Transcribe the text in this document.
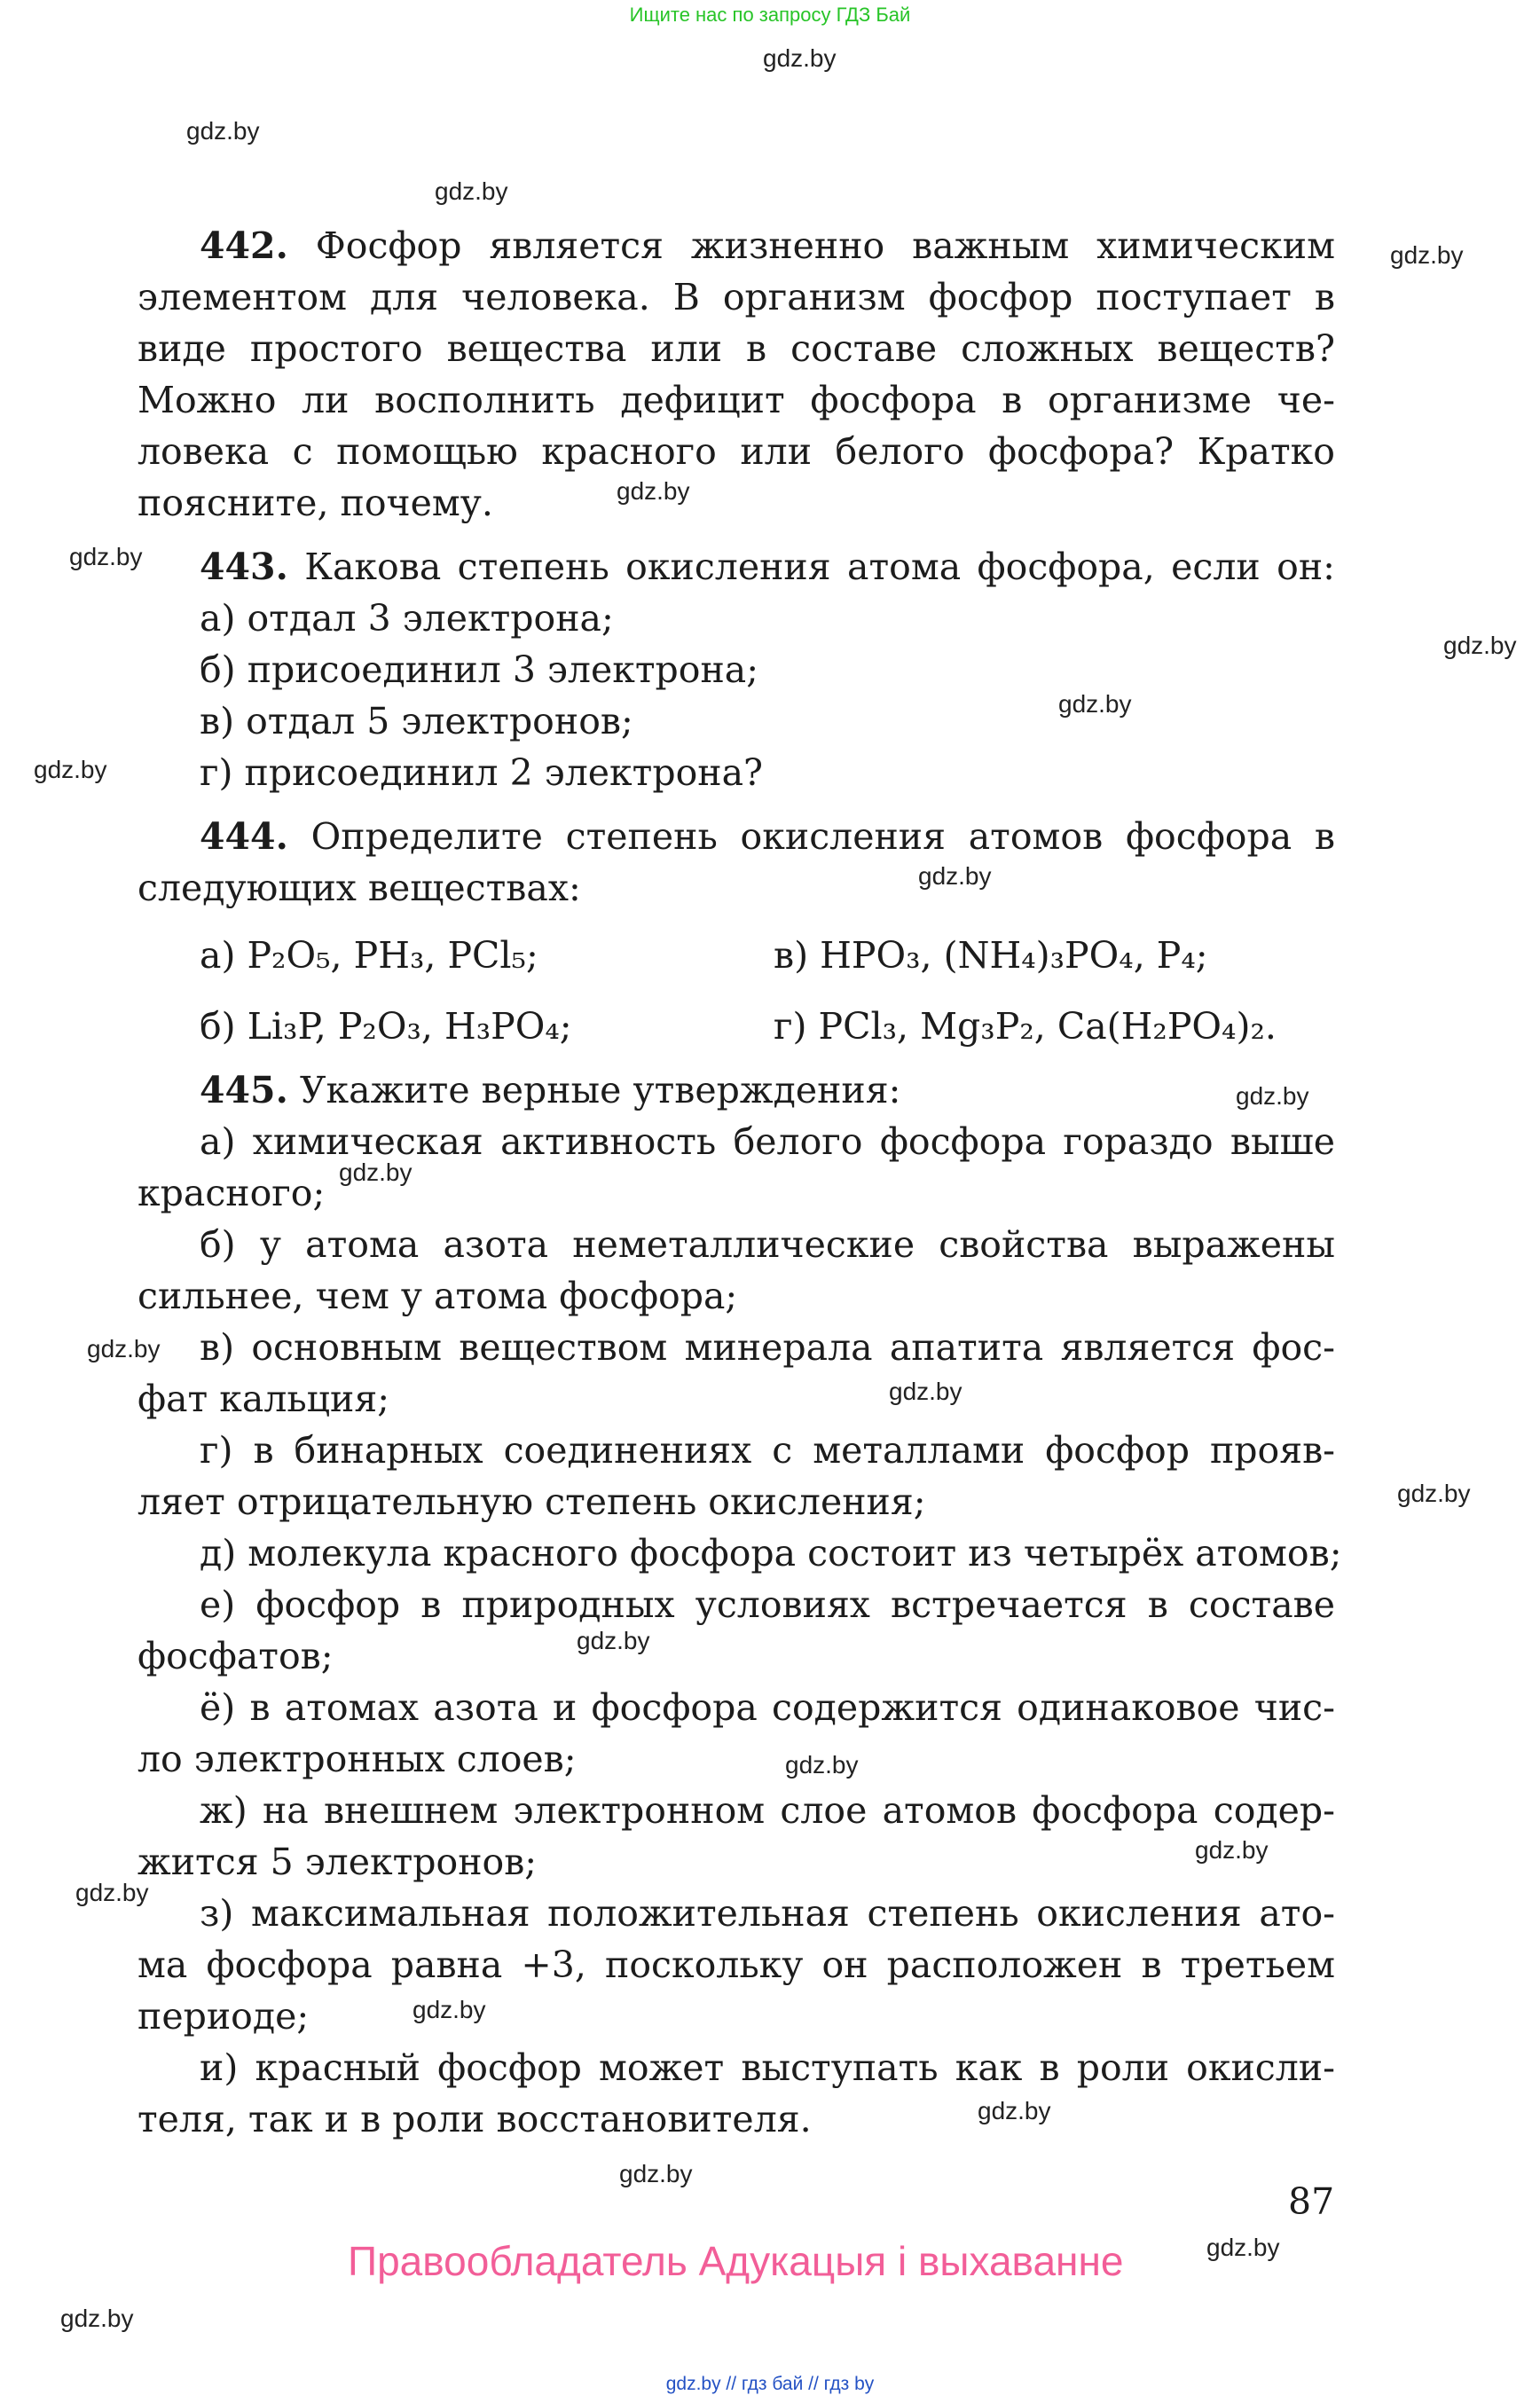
Ищите нас по запросу ГДЗ Бай
gdz.by
gdz.by
gdz.by
gdz.by
gdz.by
gdz.by
gdz.by
gdz.by
gdz.by
gdz.by
gdz.by
gdz.by
gdz.by
gdz.by
gdz.by
gdz.by
gdz.by
gdz.by
gdz.by
gdz.by
gdz.by
gdz.by
gdz.by
gdz.by
442. Фосфор является жизненно важным химическим
элементом для человека. В организм фосфор поступает в
виде простого вещества или в составе сложных веществ?
Можно ли восполнить дефицит фосфора в организме че-
ловека с помощью красного или белого фосфора? Кратко
поясните, почему.
443. Какова степень окисления атома фосфора, если он:
а) отдал 3 электрона;
б) присоединил 3 электрона;
в) отдал 5 электронов;
г) присоединил 2 электрона?
444. Определите степень окисления атомов фосфора в
следующих веществах:
а) P₂O₅, PH₃, PCl₅;	в) HPO₃, (NH₄)₃PO₄, P₄;
б) Li₃P, P₂O₃, H₃PO₄;	г) PCl₃, Mg₃P₂, Ca(H₂PO₄)₂.
445. Укажите верные утверждения:
а) химическая активность белого фосфора гораздо выше
красного;
б) у атома азота неметаллические свойства выражены
сильнее, чем у атома фосфора;
в) основным веществом минерала апатита является фос-
фат кальция;
г) в бинарных соединениях с металлами фосфор прояв-
ляет отрицательную степень окисления;
д) молекула красного фосфора состоит из четырёх атомов;
е) фосфор в природных условиях встречается в составе
фосфатов;
ё) в атомах азота и фосфора содержится одинаковое чис-
ло электронных слоев;
ж) на внешнем электронном слое атомов фосфора содер-
жится 5 электронов;
з) максимальная положительная степень окисления ато-
ма фосфора равна +3, поскольку он расположен в третьем
периоде;
и) красный фосфор может выступать как в роли окисли-
теля, так и в роли восстановителя.
87
Правообладатель Адукацыя і выхаванне
gdz.by // гдз бай // гдз by
